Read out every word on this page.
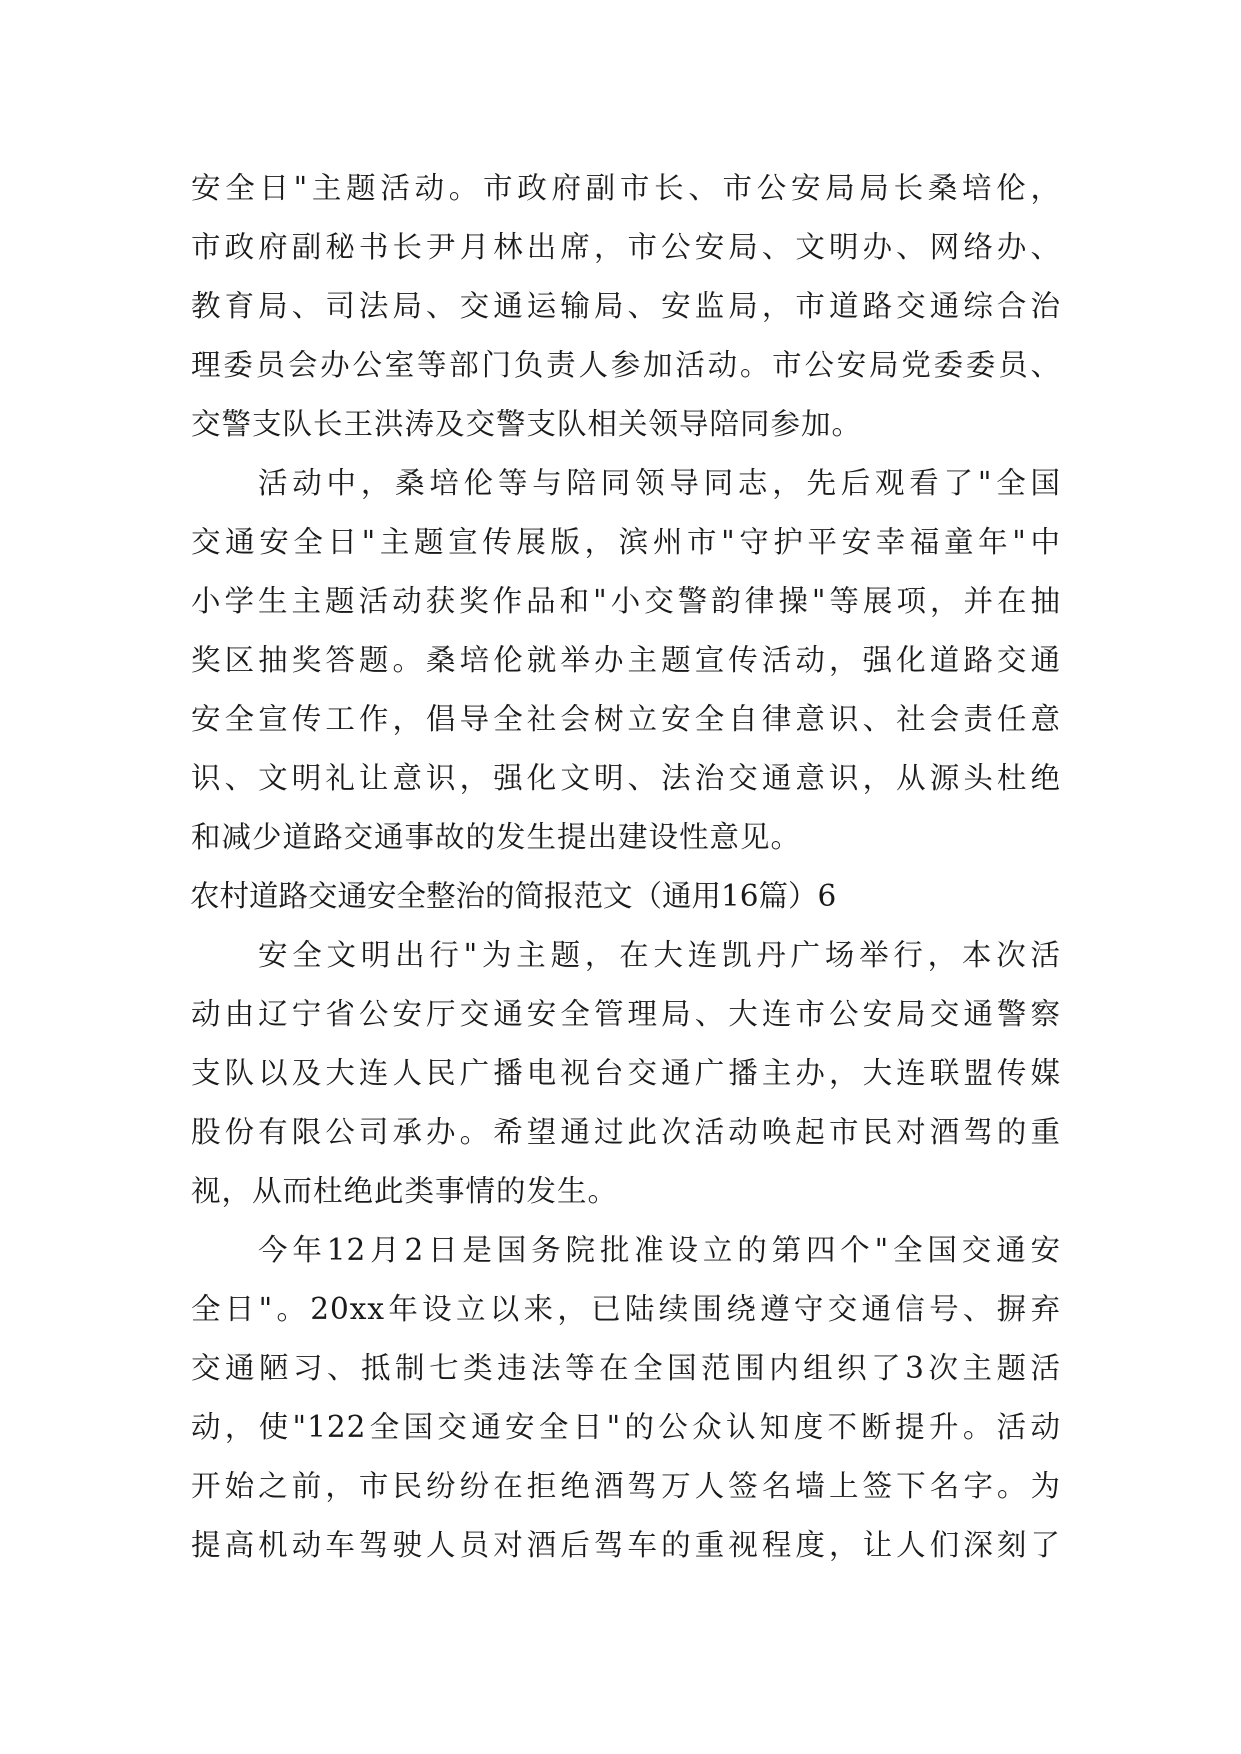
安全日"主题活动。市政府副市长、市公安局局长桑培伦，
市政府副秘书长尹月林出席，市公安局、文明办、网络办、
教育局、司法局、交通运输局、安监局，市道路交通综合治
理委员会办公室等部门负责人参加活动。市公安局党委委员、
交警支队长王洪涛及交警支队相关领导陪同参加。
活动中，桑培伦等与陪同领导同志，先后观看了"全国
交通安全日"主题宣传展版，滨州市"守护平安幸福童年"中
小学生主题活动获奖作品和"小交警韵律操"等展项，并在抽
奖区抽奖答题。桑培伦就举办主题宣传活动，强化道路交通
安全宣传工作，倡导全社会树立安全自律意识、社会责任意
识、文明礼让意识，强化文明、法治交通意识，从源头杜绝
和减少道路交通事故的发生提出建设性意见。
农村道路交通安全整治的简报范文（通用16篇）6
安全文明出行"为主题，在大连凯丹广场举行，本次活
动由辽宁省公安厅交通安全管理局、大连市公安局交通警察
支队以及大连人民广播电视台交通广播主办，大连联盟传媒
股份有限公司承办。希望通过此次活动唤起市民对酒驾的重
视，从而杜绝此类事情的发生。
今年12月2日是国务院批准设立的第四个"全国交通安
全日"。20xx年设立以来，已陆续围绕遵守交通信号、摒弃
交通陋习、抵制七类违法等在全国范围内组织了3次主题活
动，使"122全国交通安全日"的公众认知度不断提升。活动
开始之前，市民纷纷在拒绝酒驾万人签名墙上签下名字。为
提高机动车驾驶人员对酒后驾车的重视程度，让人们深刻了
